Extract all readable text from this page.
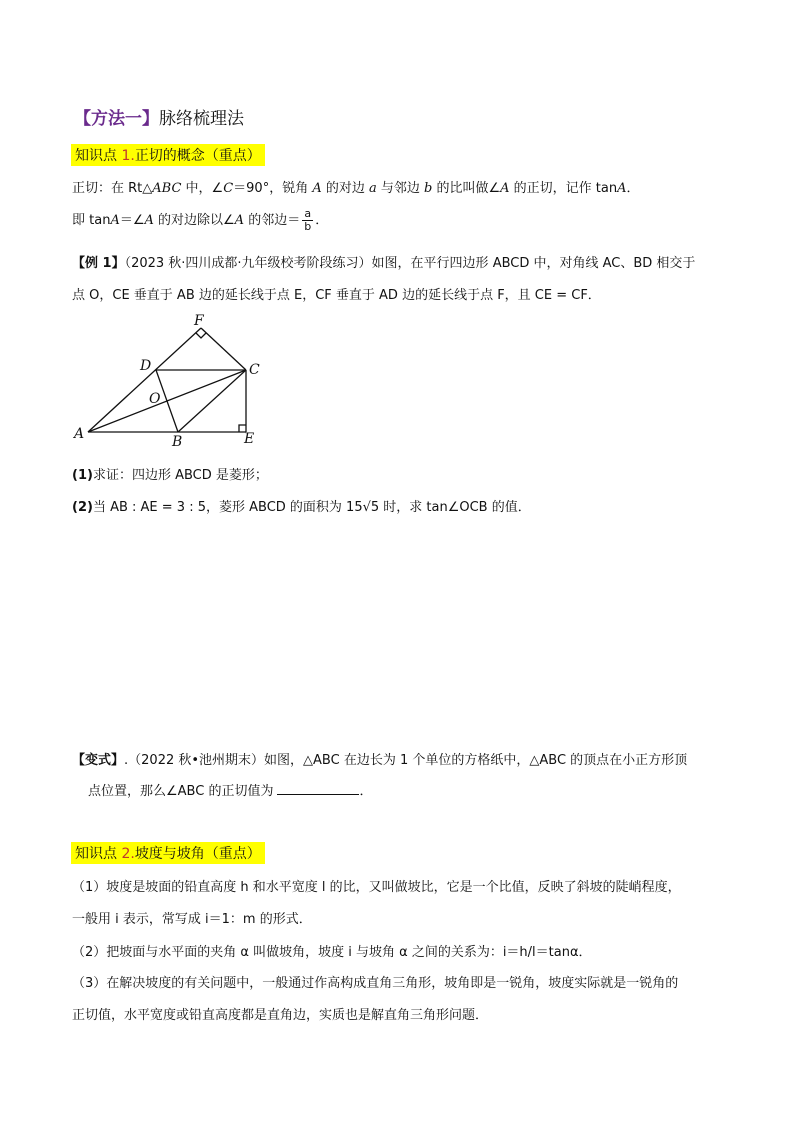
【方法一】脉络梳理法
知识点 1.正切的概念（重点）
正切：在 Rt△ABC 中，∠C＝90°，锐角 A 的对边 a 与邻边 b 的比叫做∠A 的正切，记作 tanA．
即 tanA＝∠A 的对边除以∠A 的邻边＝ $\frac{a}{b}$ ．
【例 1】（2023 秋·四川成都·九年级校考阶段练习）如图，在平行四边形 ABCD 中，对角线 AC、BD 相交于
点 O，CE 垂直于 AB 边的延长线于点 E，CF 垂直于 AD 边的延长线于点 F，且 CE = CF．
F
D	C
O
A	B	E
(1)求证：四边形 ABCD 是菱形；
(2)当 AB : AE = 3 : 5，菱形 ABCD 的面积为 15√5 时，求 tan∠OCB 的值．
【变式】.（2022 秋•池州期末）如图，△ABC 在边长为 1 个单位的方格纸中，△ABC 的顶点在小正方形顶
点位置，那么∠ABC 的正切值为	．
知识点 2.坡度与坡角（重点）
（1）坡度是坡面的铅直高度 h 和水平宽度 l 的比，又叫做坡比，它是一个比值，反映了斜坡的陡峭程度，
一般用 i 表示，常写成 i＝1：m 的形式．
（2）把坡面与水平面的夹角 α 叫做坡角，坡度 i 与坡角 α 之间的关系为：i＝h/l＝tanα．
（3）在解决坡度的有关问题中，一般通过作高构成直角三角形，坡角即是一锐角，坡度实际就是一锐角的
正切值，水平宽度或铅直高度都是直角边，实质也是解直角三角形问题．
